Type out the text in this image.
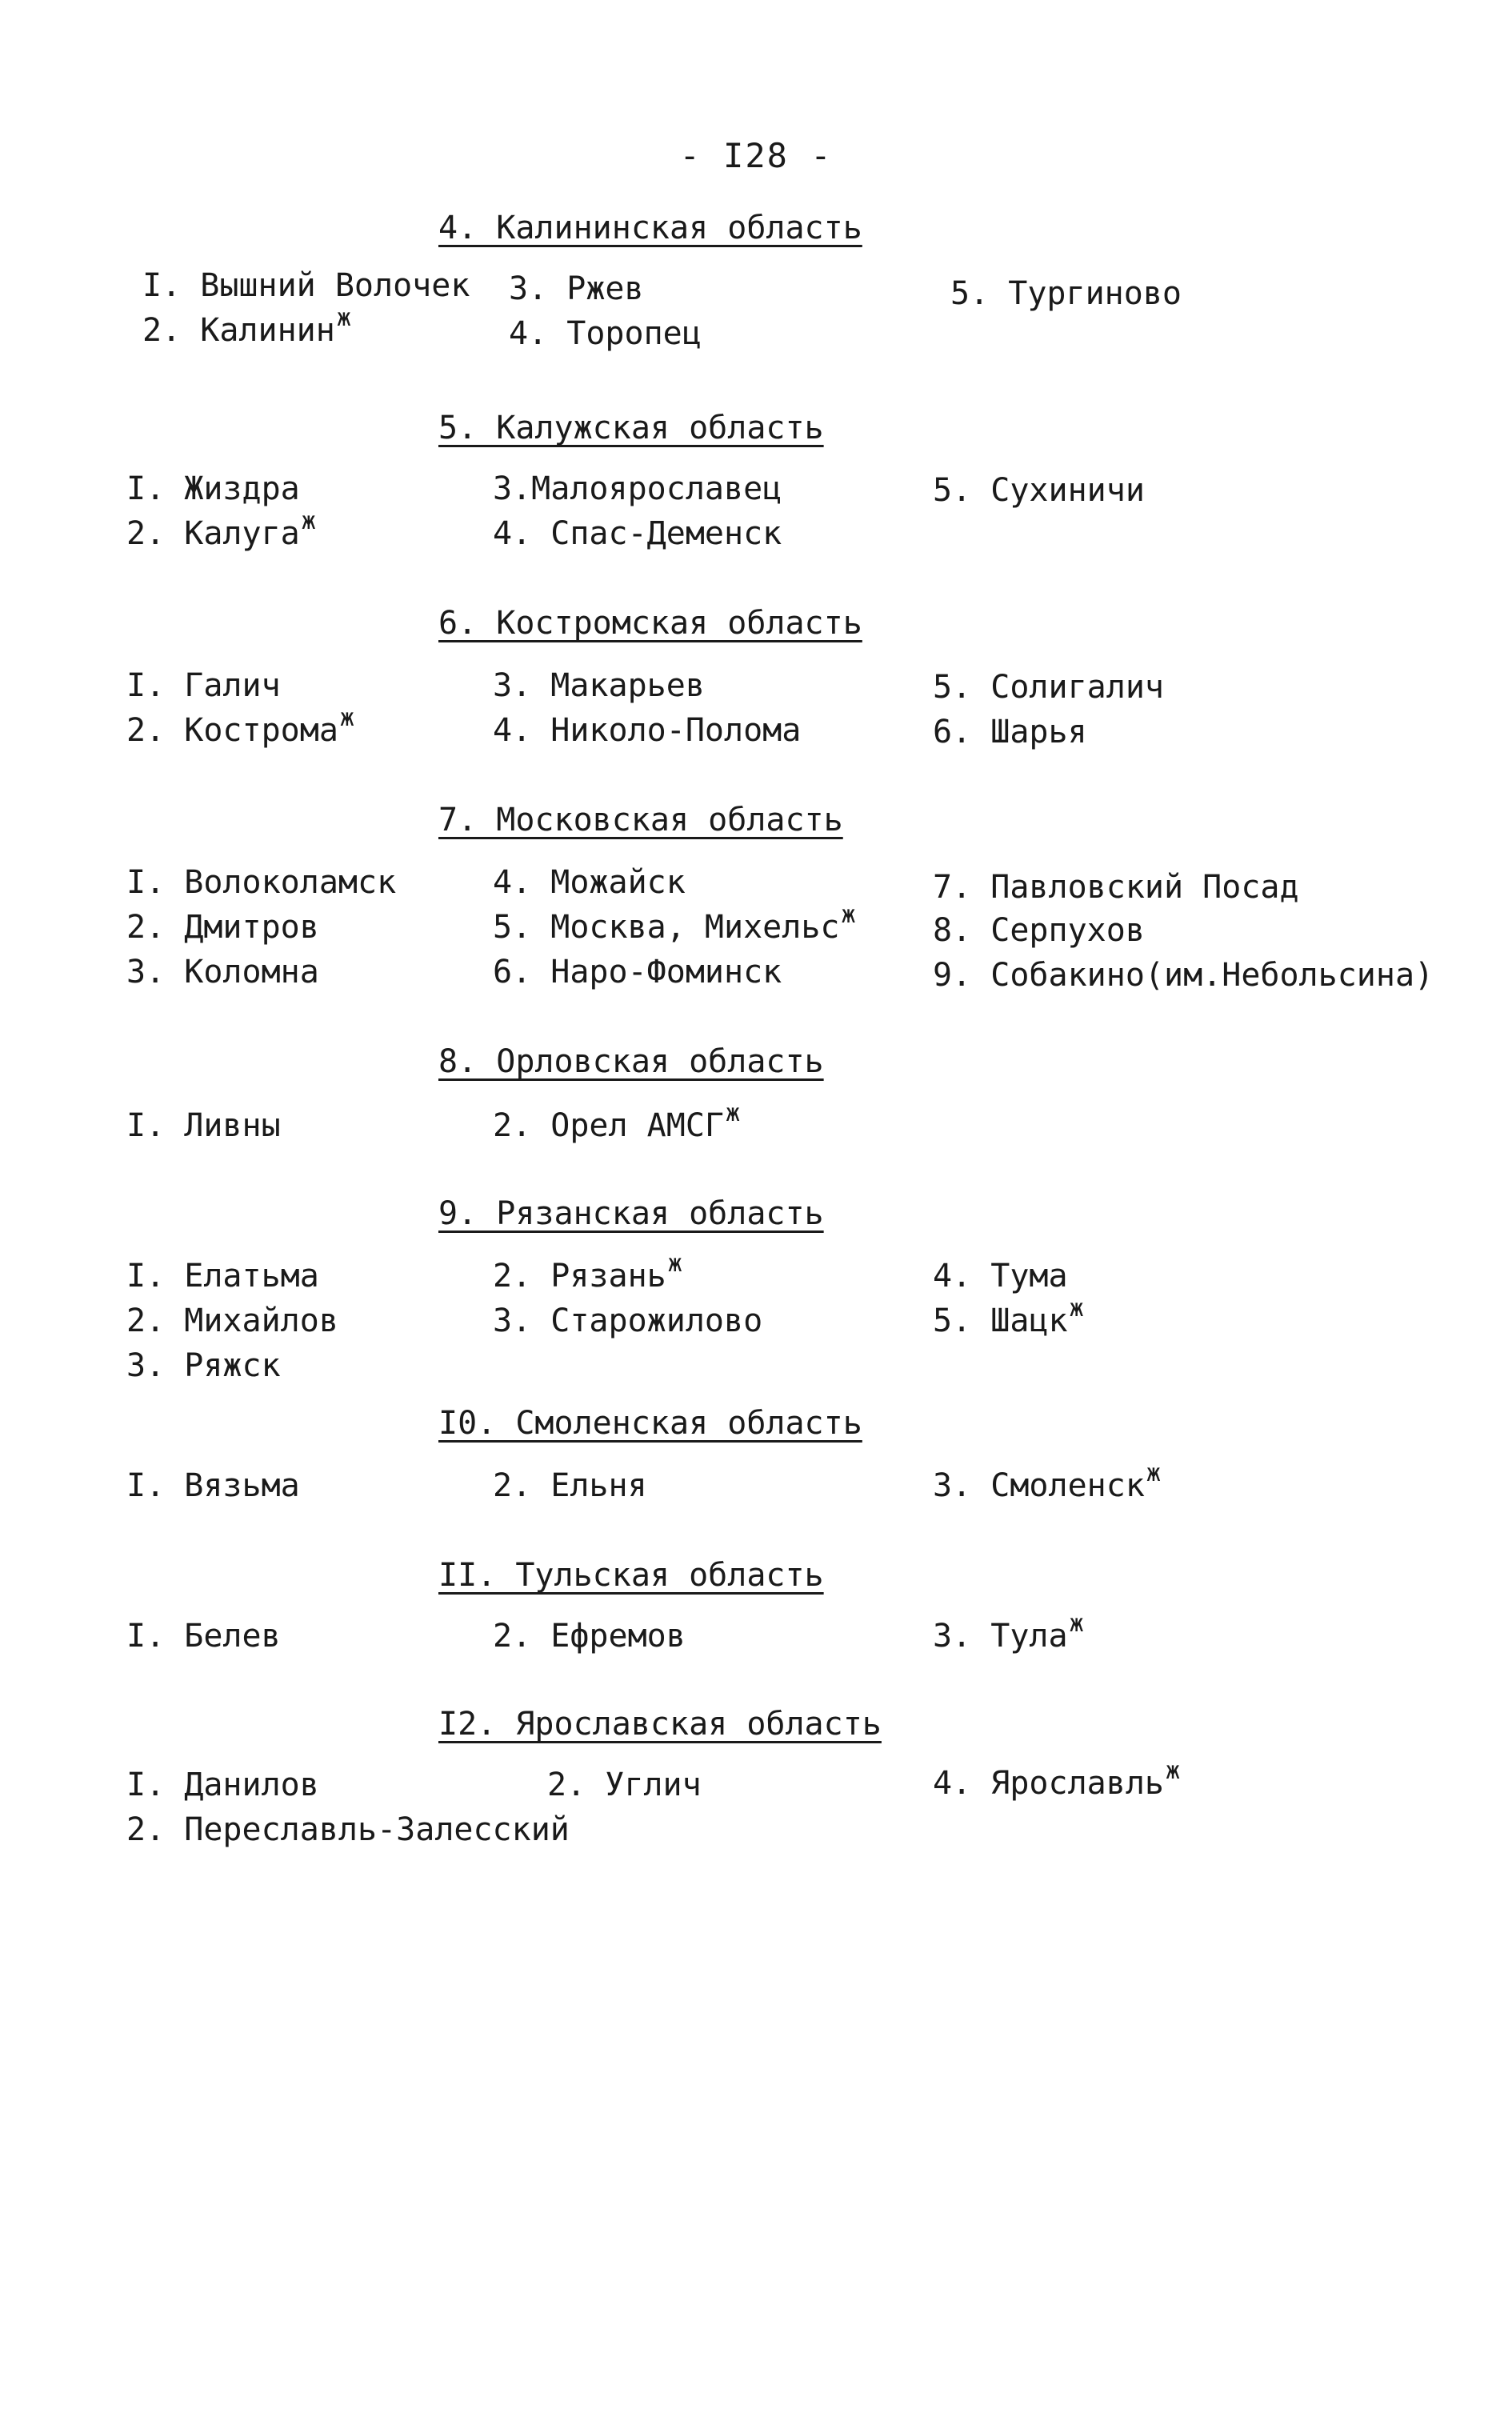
- I28 -
4. Калининская область
I. Вышний Волочек
2. Калинин$^ж$
3. Ржев
4. Торопец
5. Тургиново
5. Калужская область
I. Жиздра
2. Калуга$^ж$
3.Малоярославец
4. Спас-Деменск
5. Сухиничи
6. Костромская область
I. Галич
2. Кострома$^ж$
3. Макарьев
4. Николо-Полома
5. Солигалич
6. Шарья
7. Московская область
I. Волоколамск
2. Дмитров
3. Коломна
4. Можайск
5. Москва, Михельс$^ж$
6. Наро-Фоминск
7. Павловский Посад
8. Серпухов
9. Собакино(им.Небольсина)
8. Орловская область
I. Ливны	2. Орел $АМСГ^ж$
9. Рязанская область
I. Елатьма
2. Михайлов
3. Ряжск
2. Рязань$^ж$
3. Старожилово
4. Тума
5. Шацк$^ж$
I0. Смоленская область
I. Вязьма	2. Ельня	3. Смоленск$^ж$
II. Тульская область
I. Белев	2. Ефремов	3. Тула$^ж$
I2. Ярославская область
I. Данилов
2. Переславль-Залесский
2. Углич	4. Ярославль$^ж$
